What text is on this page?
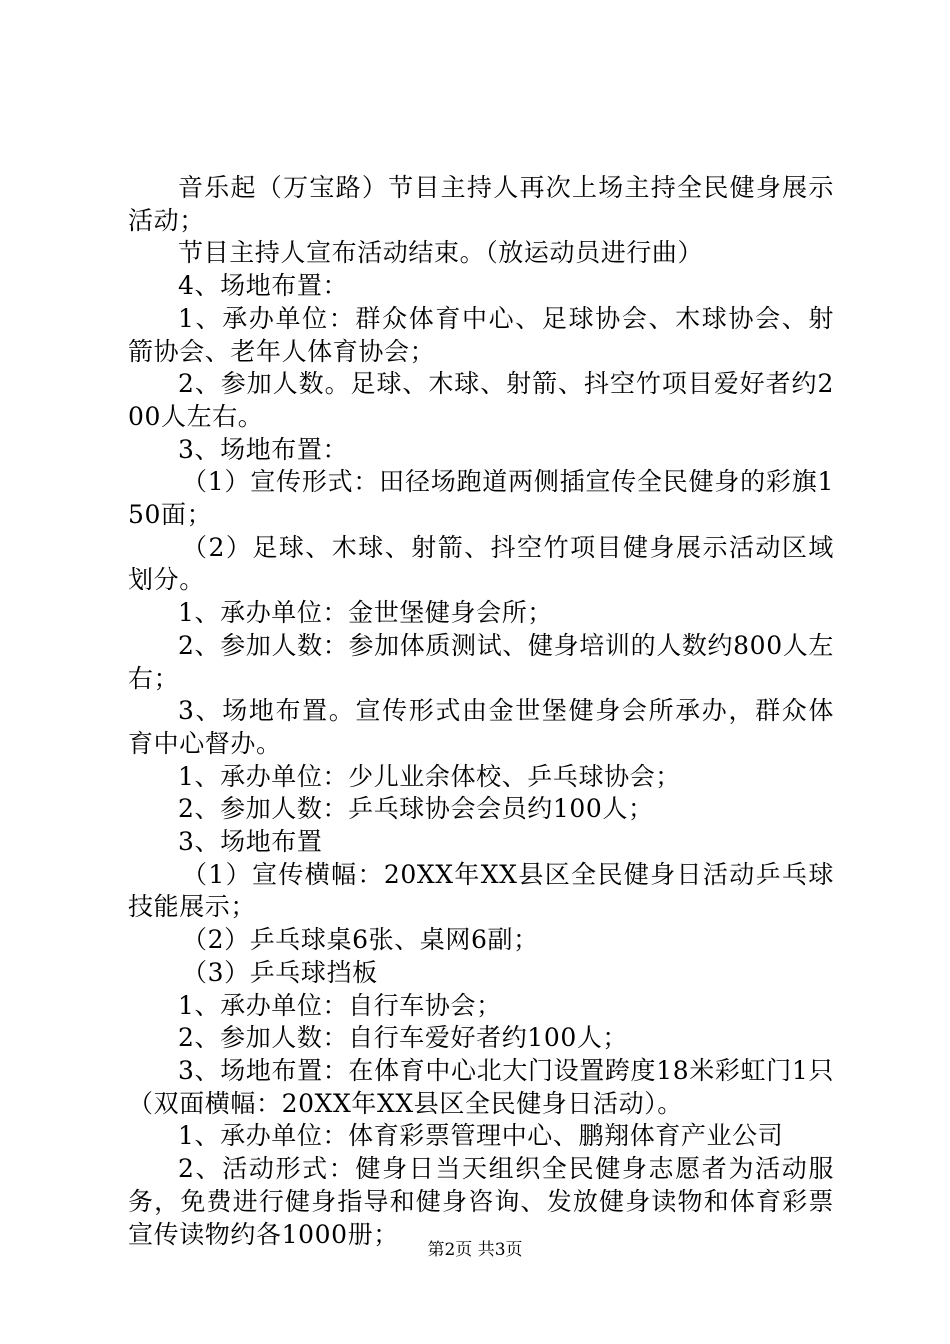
音乐起（万宝路）节目主持人再次上场主持全民健身展示活动；

节目主持人宣布活动结束。（放运动员进行曲）

4、场地布置：

1、承办单位：群众体育中心、足球协会、木球协会、射箭协会、老年人体育协会；

2、参加人数。足球、木球、射箭、抖空竹项目爱好者约200人左右。

3、场地布置：

（1）宣传形式：田径场跑道两侧插宣传全民健身的彩旗150面；

（2）足球、木球、射箭、抖空竹项目健身展示活动区域划分。

1、承办单位：金世堡健身会所；

2、参加人数：参加体质测试、健身培训的人数约800人左右；

3、场地布置。宣传形式由金世堡健身会所承办，群众体育中心督办。

1、承办单位：少儿业余体校、乒乓球协会；

2、参加人数：乒乓球协会会员约100人；

3、场地布置

（1）宣传横幅：20XX年XX县区全民健身日活动乒乓球技能展示；

（2）乒乓球桌6张、桌网6副；

（3）乒乓球挡板

1、承办单位：自行车协会；

2、参加人数：自行车爱好者约100人；

3、场地布置：在体育中心北大门设置跨度18米彩虹门1只（双面横幅：20XX年XX县区全民健身日活动）。

1、承办单位：体育彩票管理中心、鹏翔体育产业公司

2、活动形式：健身日当天组织全民健身志愿者为活动服务，免费进行健身指导和健身咨询、发放健身读物和体育彩票宣传读物约各1000册；

第2页 共3页
